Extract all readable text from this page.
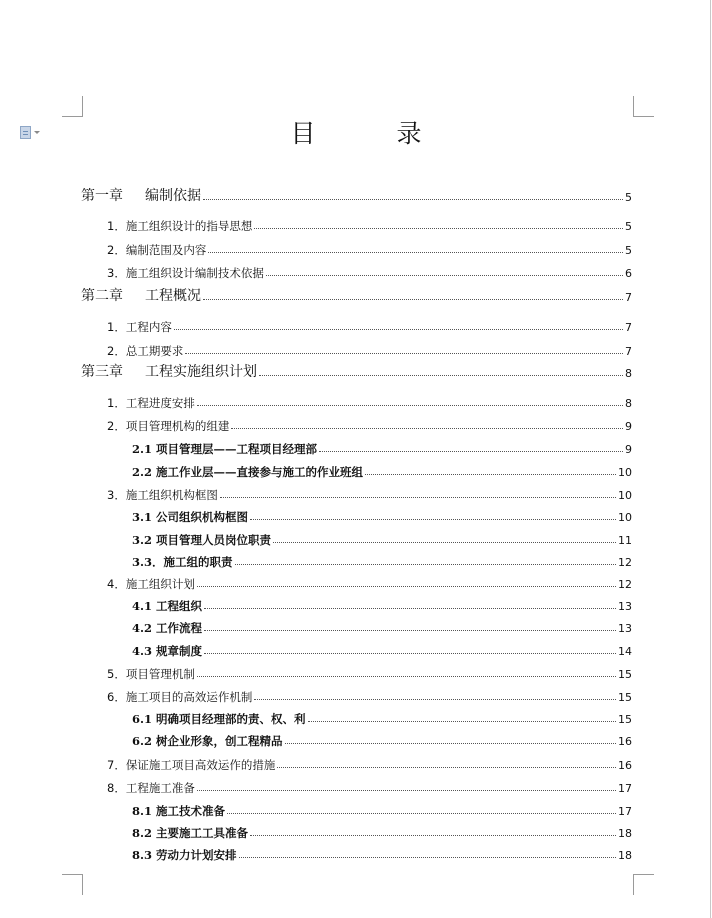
目　录
第一章 编制依据	5
1．施工组织设计的指导思想	5
2．编制范围及内容	5
3．施工组织设计编制技术依据	6
第二章 工程概况	7
1．工程内容	7
2．总工期要求	7
第三章 工程实施组织计划	8
1．工程进度安排	8
2．项目管理机构的组建	9
2.1 项目管理层——工程项目经理部	9
2.2 施工作业层——直接参与施工的作业班组	10
3．施工组织机构框图	10
3.1 公司组织机构框图	10
3.2 项目管理人员岗位职责	11
3.3．施工组的职责	12
4．施工组织计划	12
4.1 工程组织	13
4.2 工作流程	13
4.3 规章制度	14
5．项目管理机制	15
6．施工项目的高效运作机制	15
6.1 明确项目经理部的责、权、利	15
6.2 树企业形象，创工程精品	16
7．保证施工项目高效运作的措施	16
8．工程施工准备	17
8.1 施工技术准备	17
8.2 主要施工工具准备	18
8.3 劳动力计划安排	18
